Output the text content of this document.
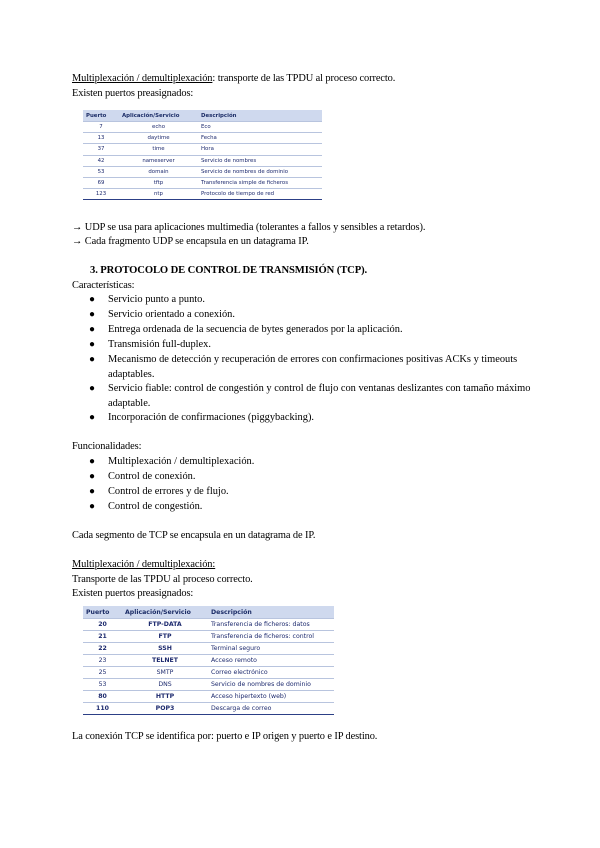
Multiplexación / demultiplexación: transporte de las TPDU al proceso correcto.
Existen puertos preasignados:
Puerto	Aplicación/Servicio	Descripción
7	echo	Eco
13	daytime	Fecha
37	time	Hora
42	nameserver	Servicio de nombres
53	domain	Servicio de nombres de dominio
69	tftp	Transferencia simple de ficheros
123	ntp	Protocolo de tiempo de red
→ UDP se usa para aplicaciones multimedia (tolerantes a fallos y sensibles a retardos).
→ Cada fragmento UDP se encapsula en un datagrama IP.
3. PROTOCOLO DE CONTROL DE TRANSMISIÓN (TCP).
Características:
● Servicio punto a punto.
● Servicio orientado a conexión.
● Entrega ordenada de la secuencia de bytes generados por la aplicación.
● Transmisión full-duplex.
● Mecanismo de detección y recuperación de errores con confirmaciones positivas ACKs y timeouts adaptables.
● Servicio fiable: control de congestión y control de flujo con ventanas deslizantes con tamaño máximo adaptable.
● Incorporación de confirmaciones (piggybacking).
Funcionalidades:
● Multiplexación / demultiplexación.
● Control de conexión.
● Control de errores y de flujo.
● Control de congestión.
Cada segmento de TCP se encapsula en un datagrama de IP.
Multiplexación / demultiplexación:
Transporte de las TPDU al proceso correcto.
Existen puertos preasignados:
Puerto	Aplicación/Servicio	Descripción
20	FTP-DATA	Transferencia de ficheros: datos
21	FTP	Transferencia de ficheros: control
22	SSH	Terminal seguro
23	TELNET	Acceso remoto
25	SMTP	Correo electrónico
53	DNS	Servicio de nombres de dominio
80	HTTP	Acceso hipertexto (web)
110	POP3	Descarga de correo
La conexión TCP se identifica por: puerto e IP origen y puerto e IP destino.
